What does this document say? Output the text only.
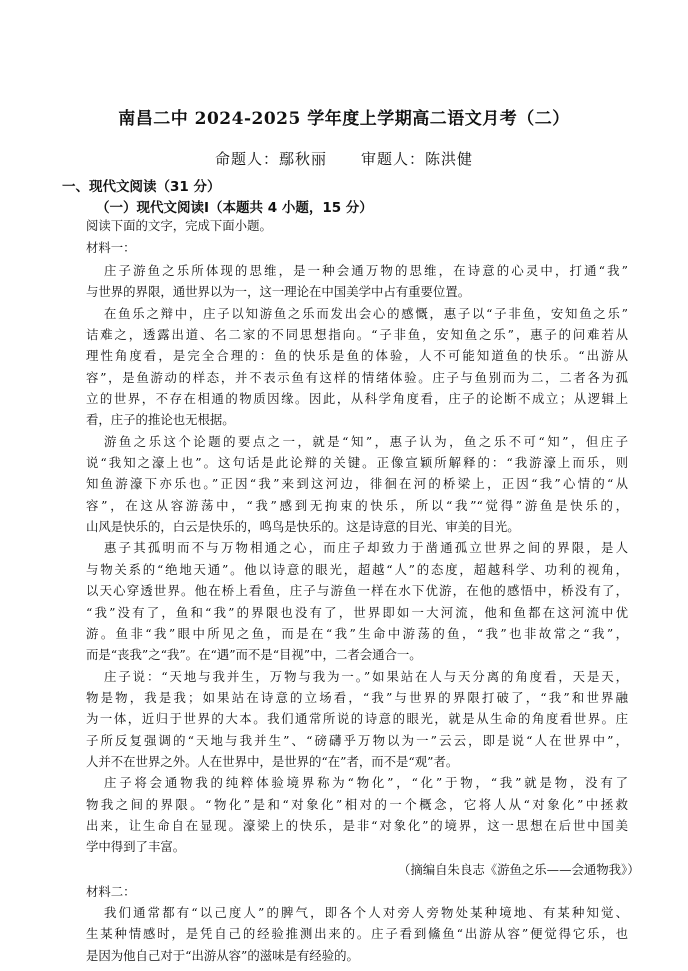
南昌二中 2024-2025 学年度上学期高二语文月考（二）
命题人：鄢秋丽 审题人：陈洪健
一、现代文阅读（31 分）
（一）现代文阅读Ⅰ（本题共 4 小题，15 分）
阅读下面的文字，完成下面小题。
材料一：
庄子游鱼之乐所体现的思维，是一种会通万物的思维，在诗意的心灵中，打通“我”
与世界的界限，通世界以为一，这一理论在中国美学中占有重要位置。
在鱼乐之辩中，庄子以知游鱼之乐而发出会心的感慨，惠子以“子非鱼，安知鱼之乐”
诘难之，透露出道、名二家的不同思想指向。“子非鱼，安知鱼之乐”，惠子的问难若从
理性角度看，是完全合理的：鱼的快乐是鱼的体验，人不可能知道鱼的快乐。“出游从
容”，是鱼游动的样态，并不表示鱼有这样的情绪体验。庄子与鱼别而为二，二者各为孤
立的世界，不存在相通的物质因缘。因此，从科学角度看，庄子的论断不成立；从逻辑上
看，庄子的推论也无根据。
游鱼之乐这个论题的要点之一，就是“知”，惠子认为，鱼之乐不可“知”，但庄子
说“我知之濠上也”。这句话是此论辩的关键。正像宣颖所解释的：“我游濠上而乐，则
知鱼游濠下亦乐也。”正因“我”来到这河边，徘徊在河的桥梁上，正因“我”心情的“从
容”，在这从容游荡中，“我”感到无拘束的快乐，所以“我”“觉得”游鱼是快乐的，
山风是快乐的，白云是快乐的，鸣鸟是快乐的。这是诗意的目光、审美的目光。
惠子其孤明而不与万物相通之心，而庄子却致力于凿通孤立世界之间的界限，是人
与物关系的“绝地天通”。他以诗意的眼光，超越“人”的态度，超越科学、功利的视角，
以天心穿透世界。他在桥上看鱼，庄子与游鱼一样在水下优游，在他的感悟中，桥没有了，
“我”没有了，鱼和“我”的界限也没有了，世界即如一大河流，他和鱼都在这河流中优
游。鱼非“我”眼中所见之鱼，而是在“我”生命中游荡的鱼，“我”也非故常之“我”，
而是“丧我”之“我”。在“遇”而不是“目视”中，二者会通合一。
庄子说：“天地与我并生，万物与我为一。”如果站在人与天分离的角度看，天是天，
物是物，我是我；如果站在诗意的立场看，“我”与世界的界限打破了，“我”和世界融
为一体，近归于世界的大本。我们通常所说的诗意的眼光，就是从生命的角度看世界。庄
子所反复强调的“天地与我并生”、“磅礴乎万物以为一”云云，即是说“人在世界中”，
人并不在世界之外。人在世界中，是世界的“在”者，而不是“观”者。
庄子将会通物我的纯粹体验境界称为“物化”，“化”于物，“我”就是物，没有了
物我之间的界限。“物化”是和“对象化”相对的一个概念，它将人从“对象化”中拯救
出来，让生命自在显现。濠梁上的快乐，是非“对象化”的境界，这一思想在后世中国美
学中得到了丰富。
（摘编自朱良志《游鱼之乐——会通物我》）
材料二：
我们通常都有“以己度人”的脾气，即各个人对旁人旁物处某种境地、有某种知觉、
生某种情感时，是凭自己的经验推测出来的。庄子看到鯈鱼“出游从容”便觉得它乐，也
是因为他自己对于“出游从容”的滋味是有经验的。
